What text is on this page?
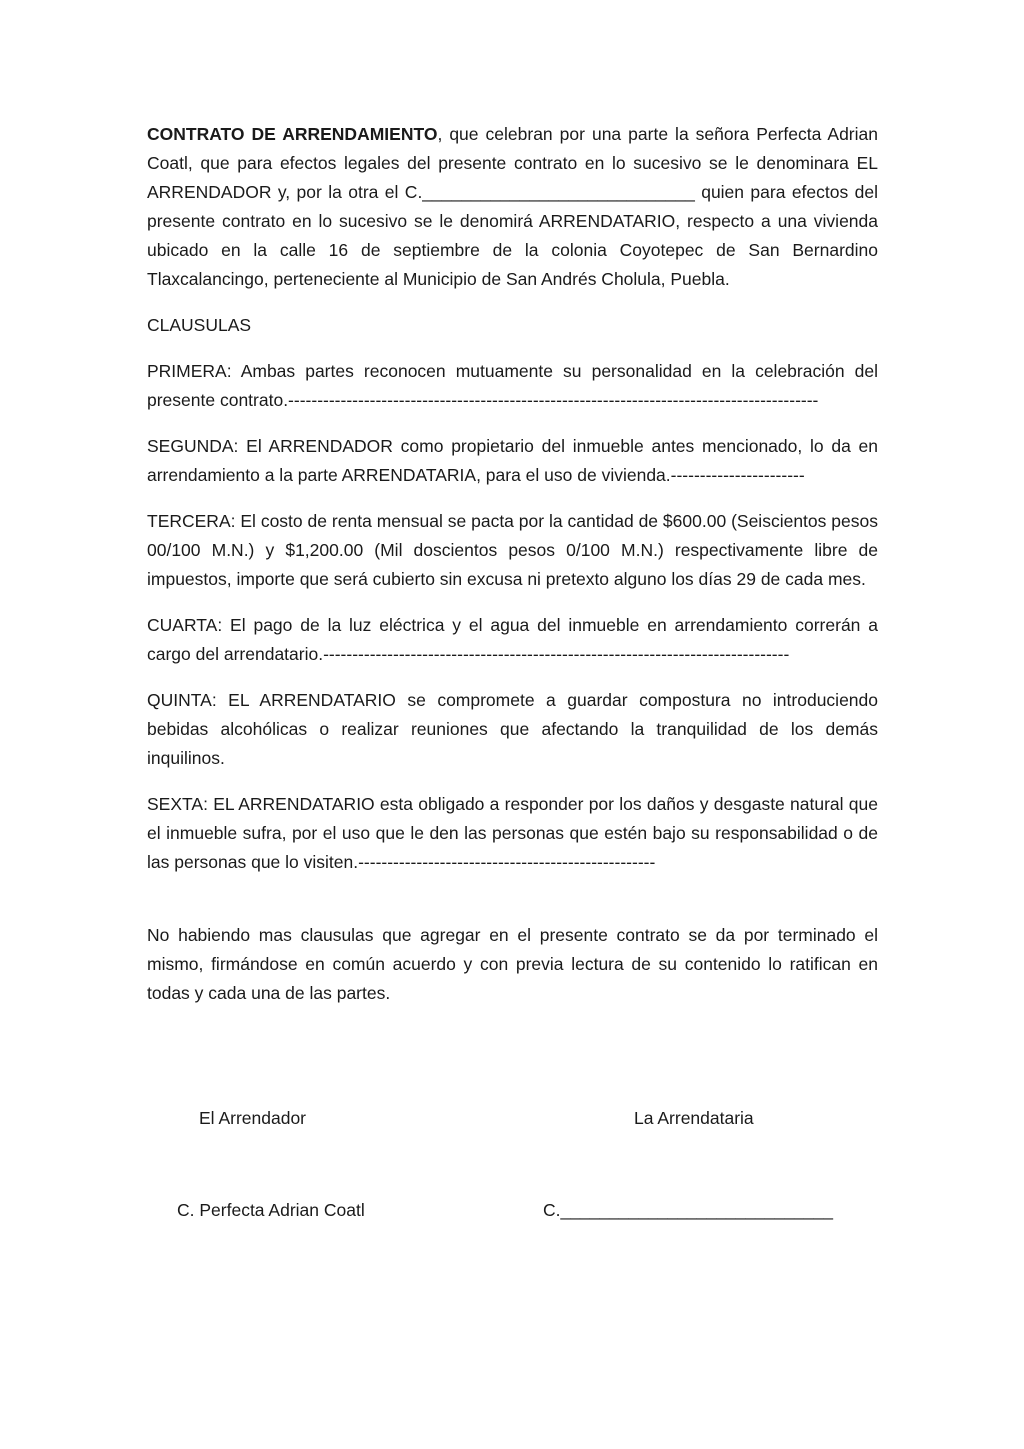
CONTRATO DE ARRENDAMIENTO, que celebran por una parte la señora Perfecta Adrian Coatl, que para efectos legales del presente contrato en lo sucesivo se le denominara EL ARRENDADOR y, por la otra el C.____________________________ quien para efectos del presente contrato en lo sucesivo se le denomirá ARRENDATARIO, respecto a una vivienda ubicado en la calle 16 de septiembre de la colonia Coyotepec de San Bernardino Tlaxcalancingo, perteneciente al Municipio de San Andrés Cholula, Puebla.

CLAUSULAS

PRIMERA: Ambas partes reconocen mutuamente su personalidad en la celebración del presente contrato.-------------------------------------------------------------------------------------------

SEGUNDA: El ARRENDADOR como propietario del inmueble antes mencionado, lo da en arrendamiento a la parte ARRENDATARIA, para el uso de vivienda.-----------------------

TERCERA: El costo de renta mensual se pacta por la cantidad de $600.00 (Seiscientos pesos 00/100 M.N.) y $1,200.00 (Mil doscientos pesos 0/100 M.N.) respectivamente libre de impuestos, importe que será cubierto sin excusa ni pretexto alguno los días 29 de cada mes.

CUARTA: El pago de la luz eléctrica y el agua del inmueble en arrendamiento correrán a cargo del arrendatario.--------------------------------------------------------------------------------

QUINTA: EL ARRENDATARIO se compromete a guardar compostura no introduciendo bebidas alcohólicas o realizar reuniones que afectando la tranquilidad de los demás inquilinos.

SEXTA: EL ARRENDATARIO esta obligado a responder por los daños y desgaste natural que el inmueble sufra, por el uso que le den las personas que estén bajo su responsabilidad o de las personas que lo visiten.---------------------------------------------------

No habiendo mas clausulas que agregar en el presente contrato se da por terminado el mismo, firmándose en común acuerdo y con previa lectura de su contenido lo ratifican en todas y cada una de las partes.

El Arrendador	La Arrendataria
C. Perfecta Adrian Coatl	C.____________________________
